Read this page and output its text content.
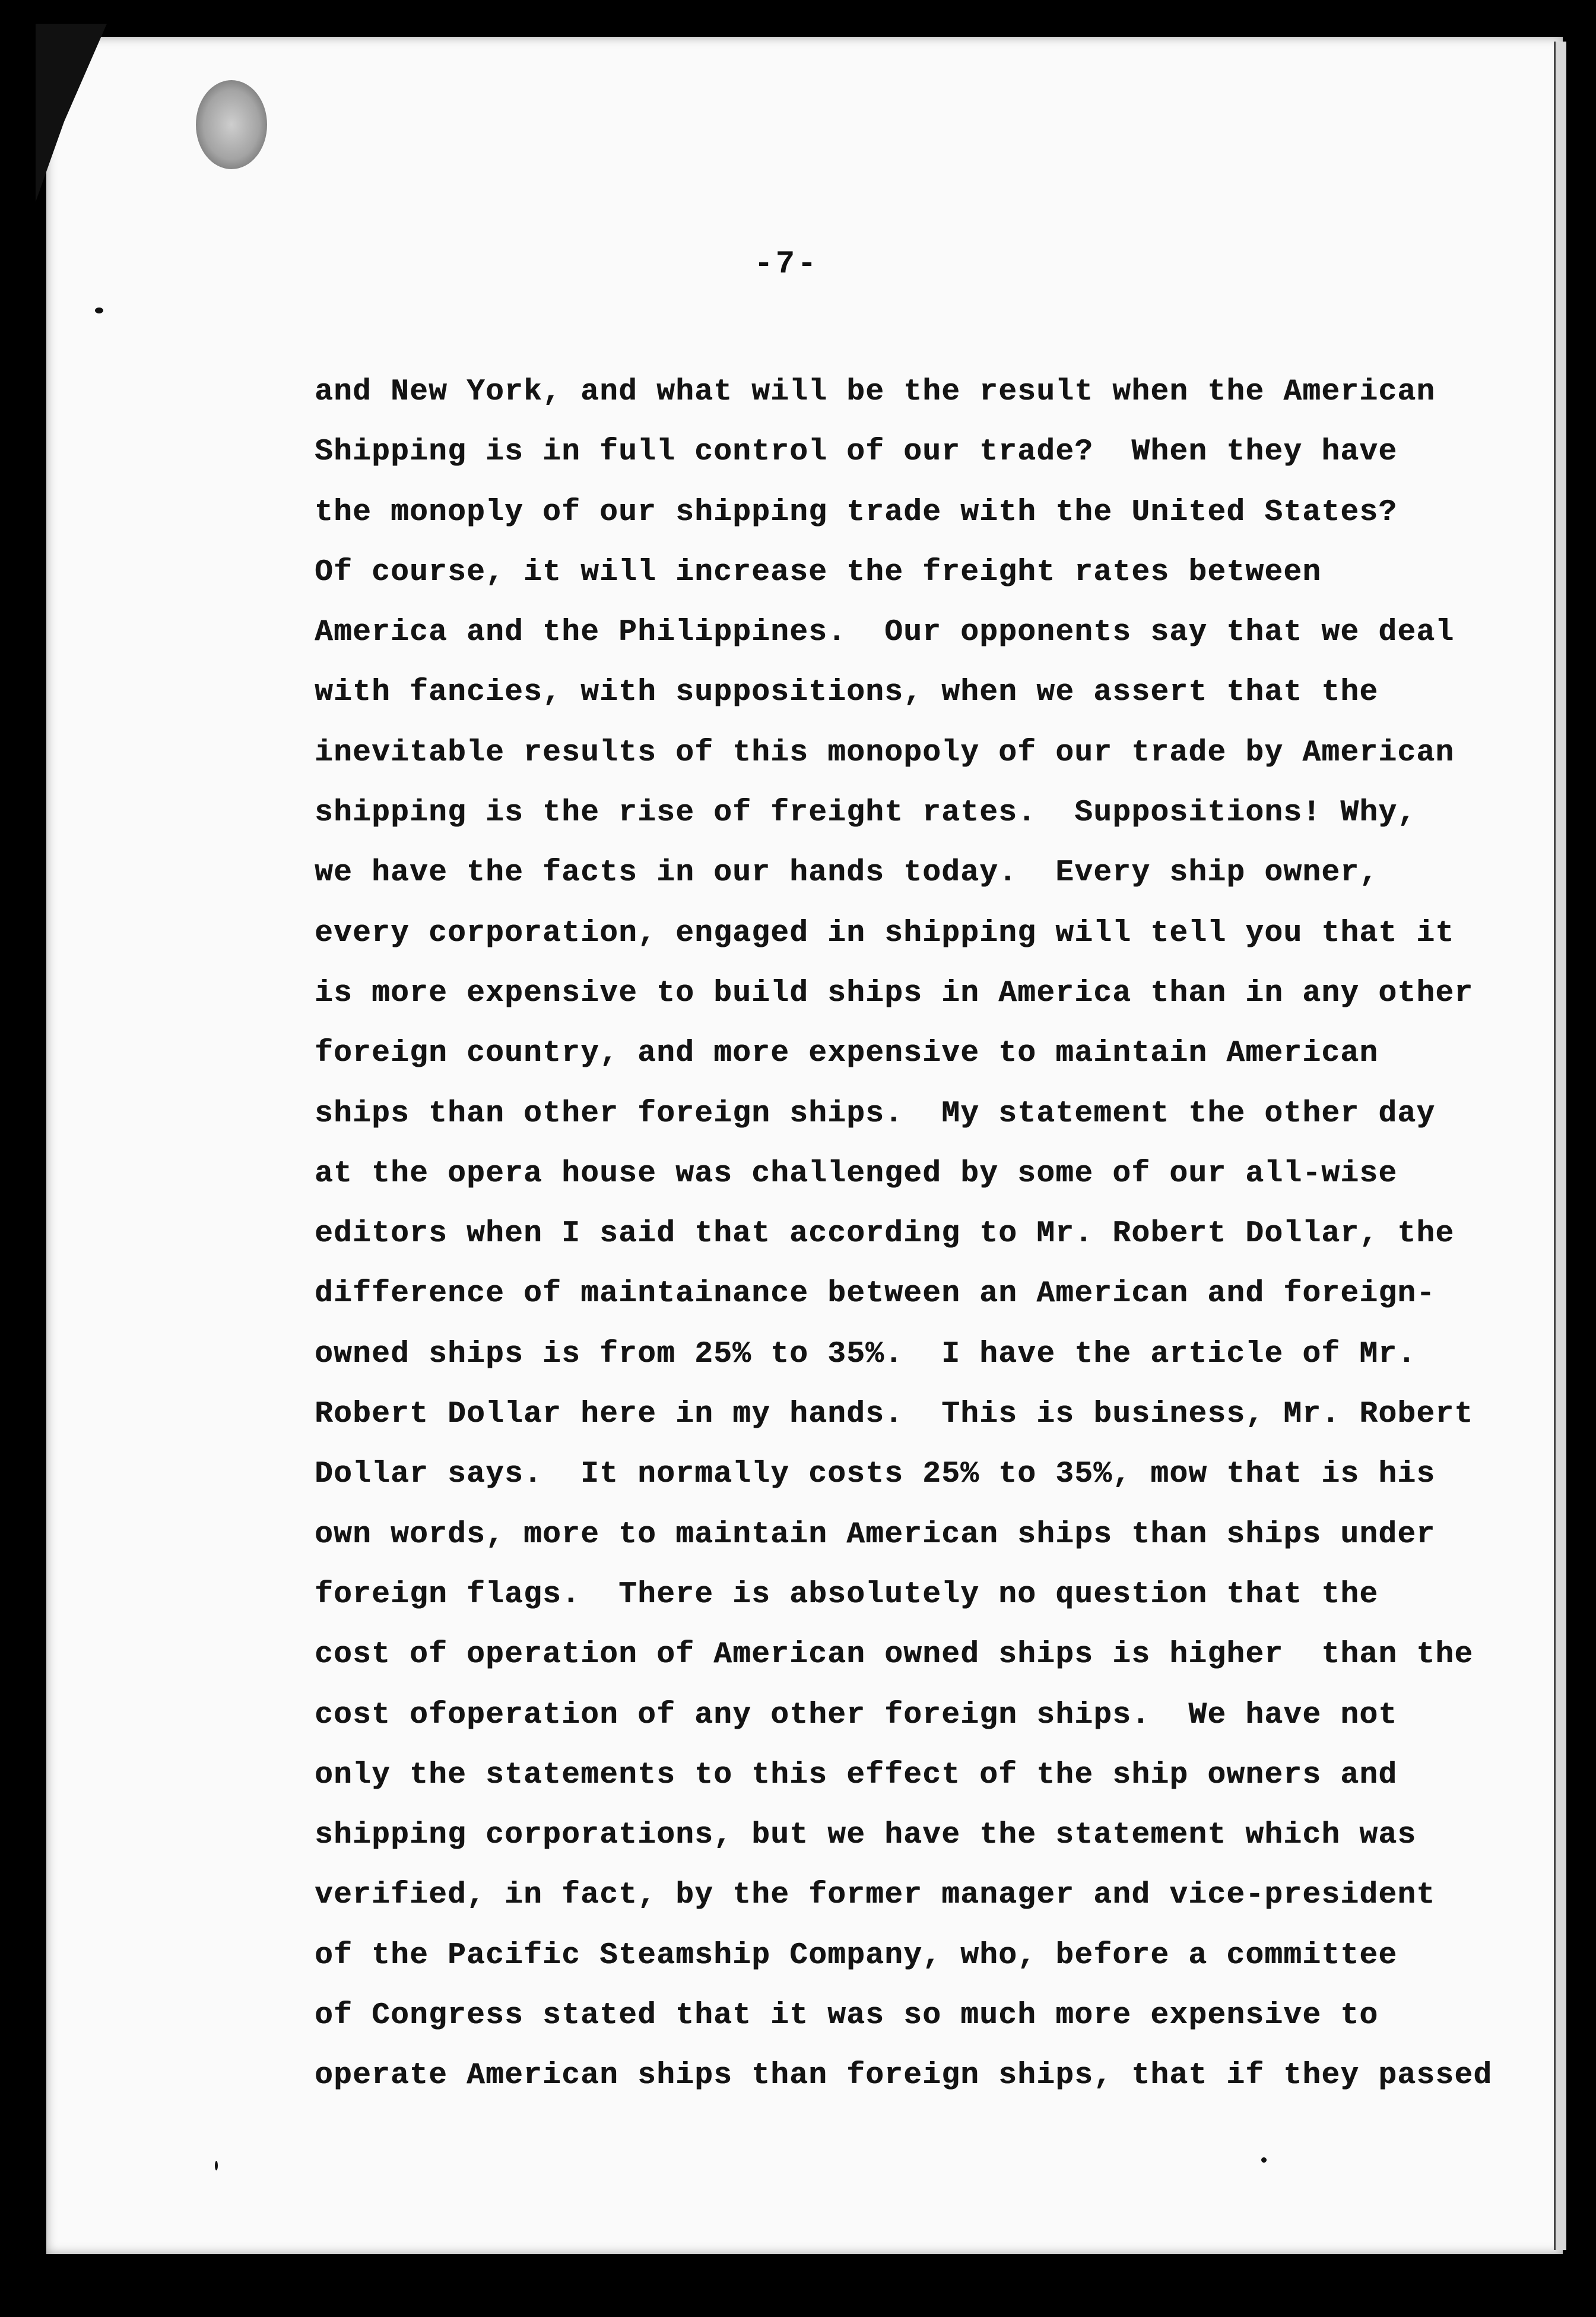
-7-
and New York, and what will be the result when the American
Shipping is in full control of our trade?  When they have
the monoply of our shipping trade with the United States?
Of course, it will increase the freight rates between
America and the Philippines.  Our opponents say that we deal
with fancies, with suppositions, when we assert that the
inevitable results of this monopoly of our trade by American
shipping is the rise of freight rates.  Suppositions! Why,
we have the facts in our hands today.  Every ship owner,
every corporation, engaged in shipping will tell you that it
is more expensive to build ships in America than in any other
foreign country, and more expensive to maintain American
ships than other foreign ships.  My statement the other day
at the opera house was challenged by some of our all-wise
editors when I said that according to Mr. Robert Dollar, the
difference of maintainance between an American and foreign-
owned ships is from 25% to 35%.  I have the article of Mr.
Robert Dollar here in my hands.  This is business, Mr. Robert
Dollar says.  It normally costs 25% to 35%, mow that is his
own words, more to maintain American ships than ships under
foreign flags.  There is absolutely no question that the
cost of operation of American owned ships is higher  than the
cost ofoperation of any other foreign ships.  We have not
only the statements to this effect of the ship owners and
shipping corporations, but we have the statement which was
verified, in fact, by the former manager and vice-president
of the Pacific Steamship Company, who, before a committee
of Congress stated that it was so much more expensive to
operate American ships than foreign ships, that if they passed
